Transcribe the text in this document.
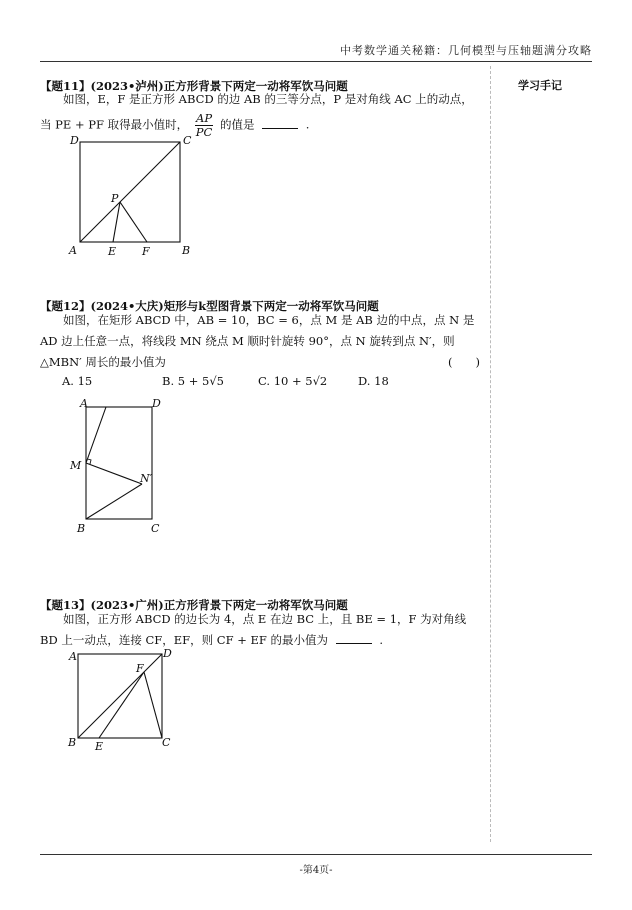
中考数学通关秘籍：几何模型与压轴题满分攻略
学习手记
【题11】(2023•泸州)正方形背景下两定一动将军饮马问题
如图，E，F 是正方形 ABCD 的边 AB 的三等分点，P 是对角线 AC 上的动点，
当 PE + PF 取得最小值时， $\frac{AP}{PC}$ 的值是	.
D	C
A	B
E F
P
【题12】(2024•大庆)矩形与k型图背景下两定一动将军饮马问题
如图，在矩形 ABCD 中，AB = 10，BC = 6，点 M 是 AB 边的中点，点 N 是
AD 边上任意一点，将线段 MN 绕点 M 顺时针旋转 90°，点 N 旋转到点 N′，则
△MBN′ 周长的最小值为	(　　)
A. 15	B. 5 + 5√5	C. 10 + 5√2	D. 18
A	D
M
N′
B	C
【题13】(2023•广州)正方形背景下两定一动将军饮马问题
如图，正方形 ABCD 的边长为 4，点 E 在边 BC 上，且 BE = 1，F 为对角线
BD 上一动点，连接 CF，EF，则 CF + EF 的最小值为	.
A	D
F
B E	C
-第4页-
